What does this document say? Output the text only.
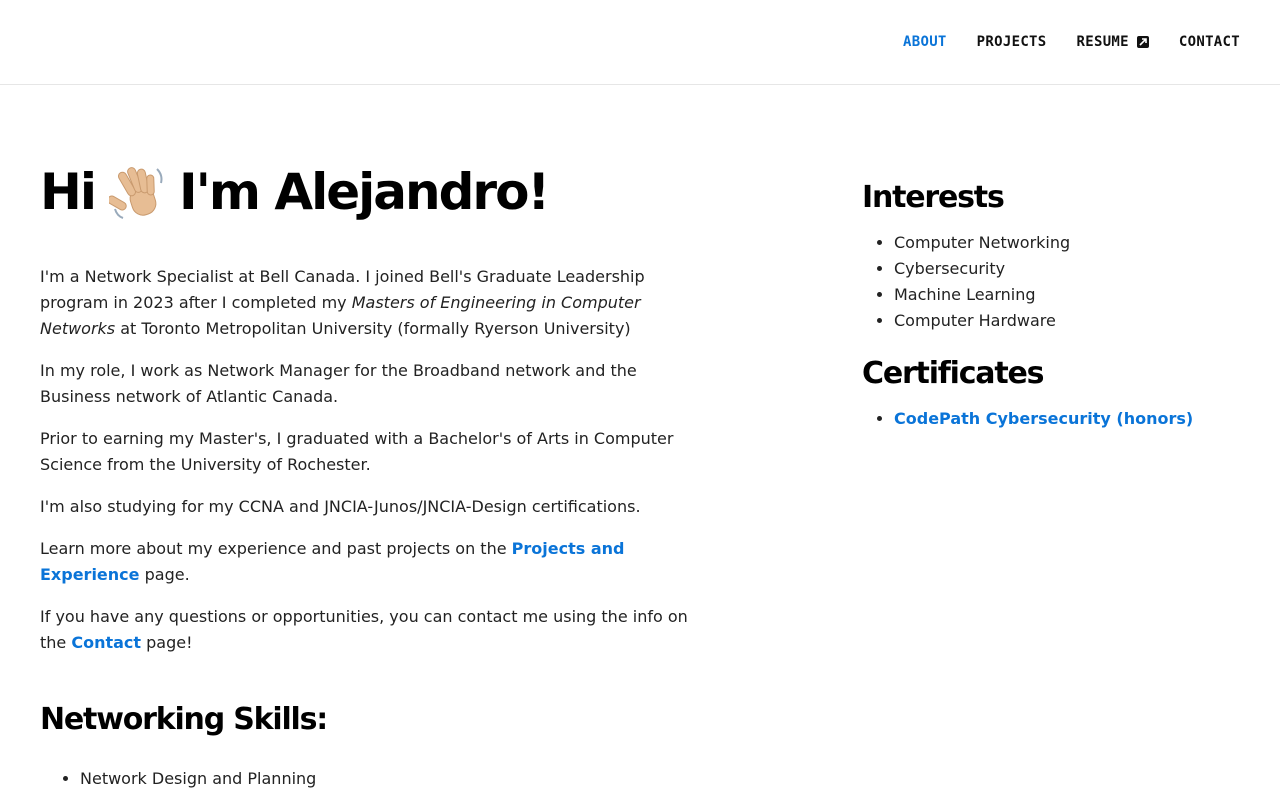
ABOUT PROJECTS RESUME	CONTACT
Hi I'm Alejandro!

I'm a Network Specialist at Bell Canada. I joined Bell's Graduate Leadership program in 2023 after I completed my Masters of Engineering in Computer Networks at Toronto Metropolitan University (formally Ryerson University)

In my role, I work as Network Manager for the Broadband network and the Business network of Atlantic Canada.

Prior to earning my Master's, I graduated with a Bachelor's of Arts in Computer Science from the University of Rochester.

I'm also studying for my CCNA and JNCIA-Junos/JNCIA-Design certifications.

Learn more about my experience and past projects on the Projects and Experience page.

If you have any questions or opportunities, you can contact me using the info on the Contact page!

Networking Skills:
• Network Design and Planning
Interests
• Computer Networking
• Cybersecurity
• Machine Learning
• Computer Hardware
Certificates
• CodePath Cybersecurity (honors)
